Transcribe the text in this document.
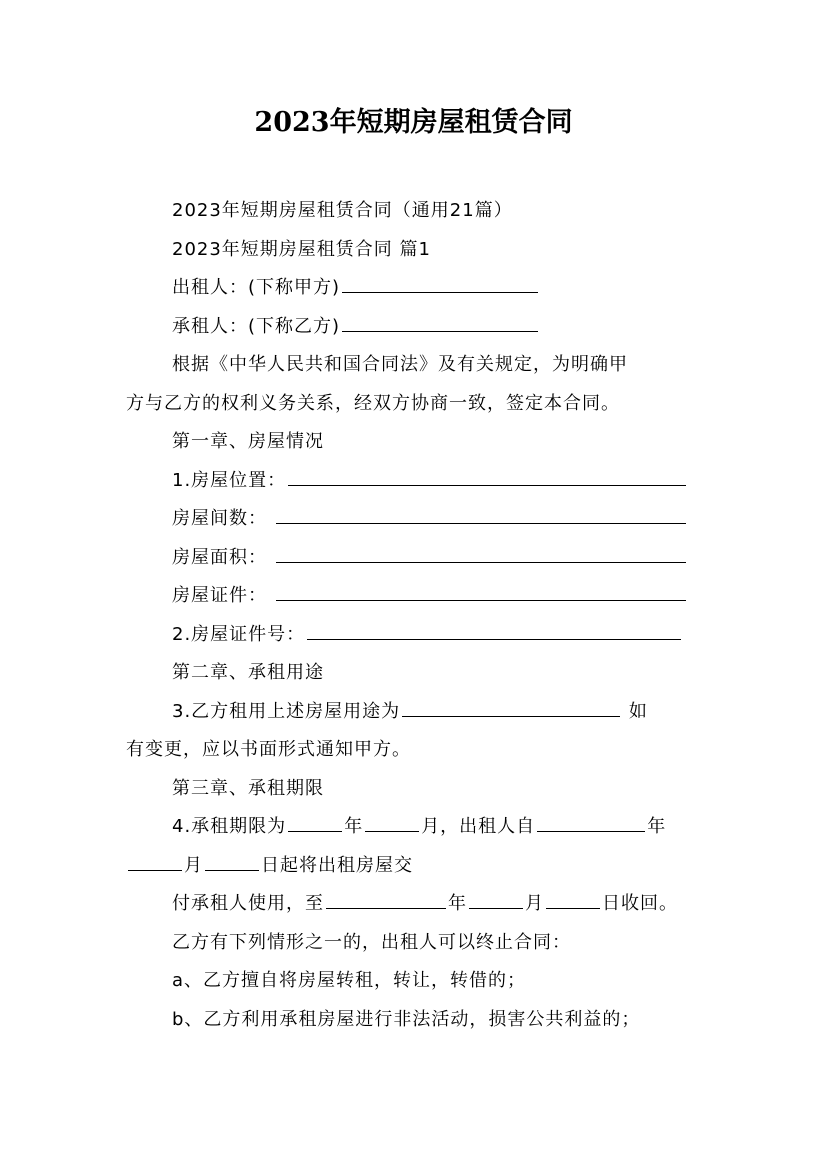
2023年短期房屋租赁合同
2023年短期房屋租赁合同（通用21篇）
2023年短期房屋租赁合同 篇1
出租人：(下称甲方)
承租人：(下称乙方)
根据《中华人民共和国合同法》及有关规定，为明确甲
方与乙方的权利义务关系，经双方协商一致，签定本合同。
第一章、房屋情况
1.房屋位置：
房屋间数：
房屋面积：
房屋证件：
2.房屋证件号：
第二章、承租用途
3.乙方租用上述房屋用途为	如
有变更，应以书面形式通知甲方。
第三章、承租期限
4.承租期限为	年	月，出租人自	年
月	日起将出租房屋交
付承租人使用，至	年	月	日收回。
乙方有下列情形之一的，出租人可以终止合同：
a、乙方擅自将房屋转租，转让，转借的；
b、乙方利用承租房屋进行非法活动，损害公共利益的；
